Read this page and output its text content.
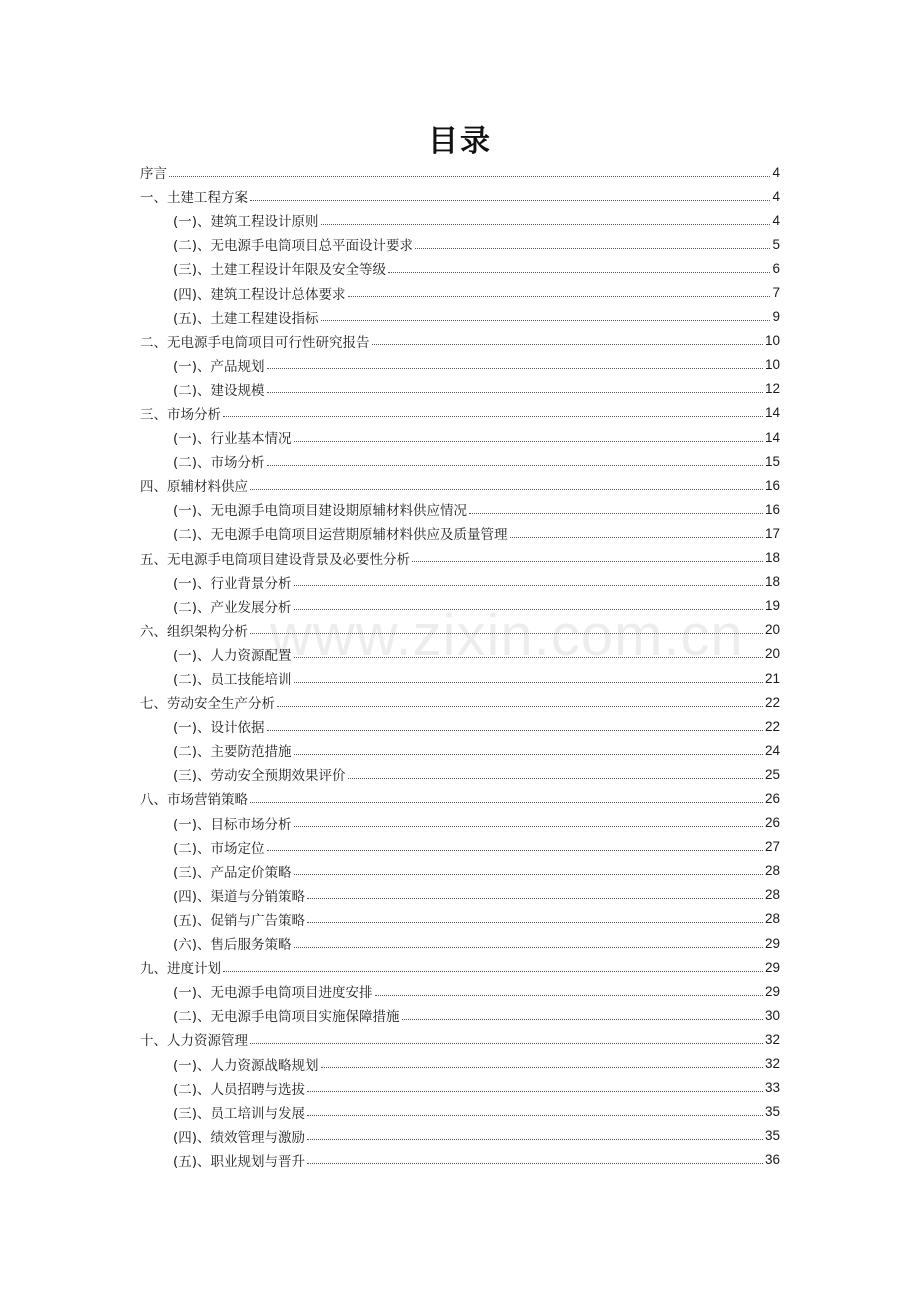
目录
www.zixin.com.cn
序言	4
一、土建工程方案	4
(一)、建筑工程设计原则	4
(二)、无电源手电筒项目总平面设计要求	5
(三)、土建工程设计年限及安全等级	6
(四)、建筑工程设计总体要求	7
(五)、土建工程建设指标	9
二、无电源手电筒项目可行性研究报告	10
(一)、产品规划	10
(二)、建设规模	12
三、市场分析	14
(一)、行业基本情况	14
(二)、市场分析	15
四、原辅材料供应	16
(一)、无电源手电筒项目建设期原辅材料供应情况	16
(二)、无电源手电筒项目运营期原辅材料供应及质量管理	17
五、无电源手电筒项目建设背景及必要性分析	18
(一)、行业背景分析	18
(二)、产业发展分析	19
六、组织架构分析	20
(一)、人力资源配置	20
(二)、员工技能培训	21
七、劳动安全生产分析	22
(一)、设计依据	22
(二)、主要防范措施	24
(三)、劳动安全预期效果评价	25
八、市场营销策略	26
(一)、目标市场分析	26
(二)、市场定位	27
(三)、产品定价策略	28
(四)、渠道与分销策略	28
(五)、促销与广告策略	28
(六)、售后服务策略	29
九、进度计划	29
(一)、无电源手电筒项目进度安排	29
(二)、无电源手电筒项目实施保障措施	30
十、人力资源管理	32
(一)、人力资源战略规划	32
(二)、人员招聘与选拔	33
(三)、员工培训与发展	35
(四)、绩效管理与激励	35
(五)、职业规划与晋升	36
